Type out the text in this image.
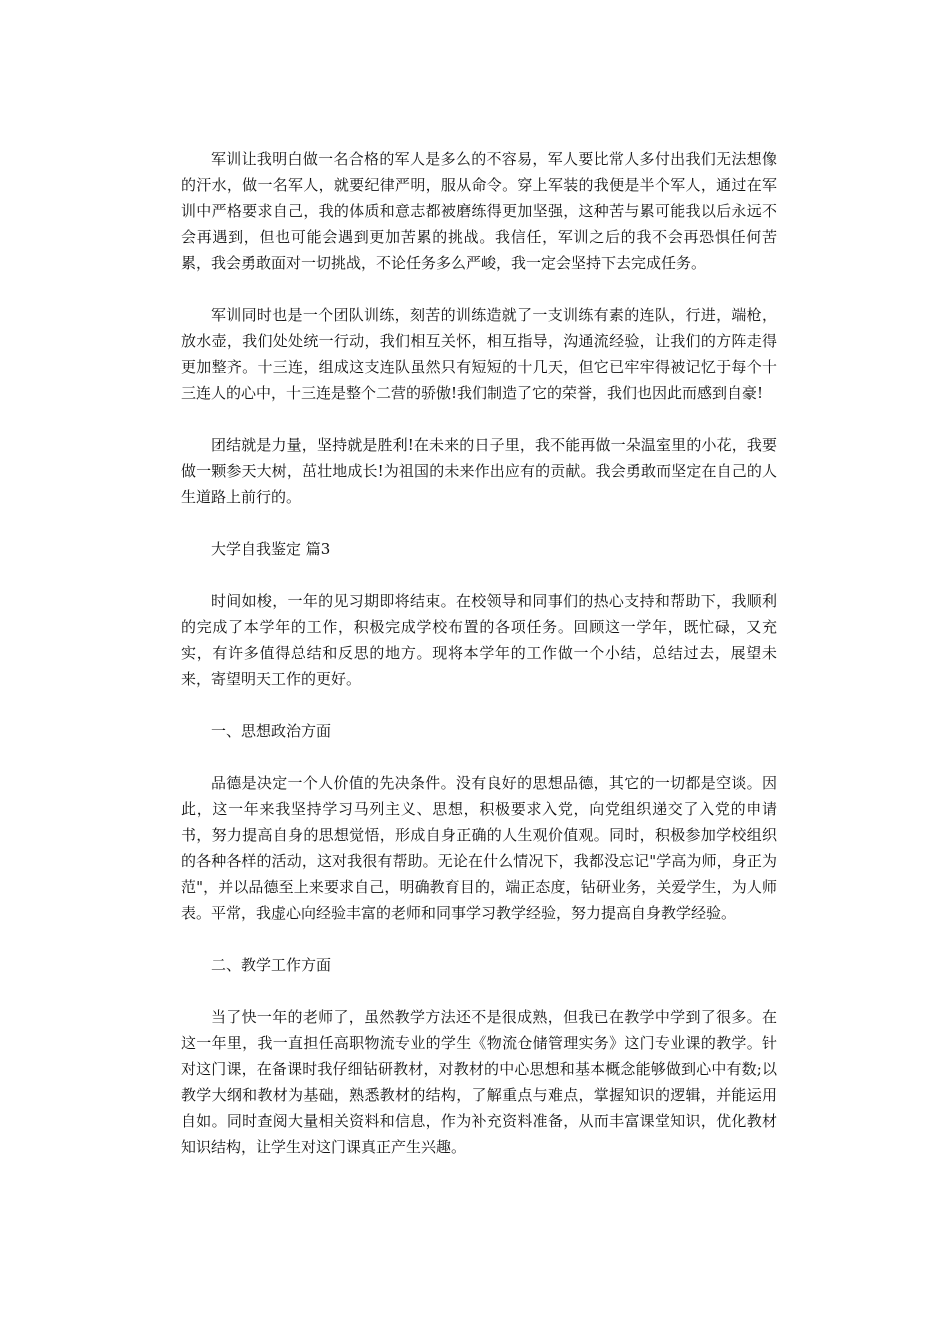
军训让我明白做一名合格的军人是多么的不容易，军人要比常人多付出我们无法想像的汗水，做一名军人，就要纪律严明，服从命令。穿上军装的我便是半个军人，通过在军训中严格要求自己，我的体质和意志都被磨练得更加坚强，这种苦与累可能我以后永远不会再遇到，但也可能会遇到更加苦累的挑战。我信任，军训之后的我不会再恐惧任何苦累，我会勇敢面对一切挑战，不论任务多么严峻，我一定会坚持下去完成任务。

军训同时也是一个团队训练，刻苦的训练造就了一支训练有素的连队，行进，端枪，放水壶，我们处处统一行动，我们相互关怀，相互指导，沟通流经验，让我们的方阵走得更加整齐。十三连，组成这支连队虽然只有短短的十几天，但它已牢牢得被记忆于每个十三连人的心中，十三连是整个二营的骄傲!我们制造了它的荣誉，我们也因此而感到自豪!

团结就是力量，坚持就是胜利!在未来的日子里，我不能再做一朵温室里的小花，我要做一颗参天大树，茁壮地成长!为祖国的未来作出应有的贡献。我会勇敢而坚定在自己的人生道路上前行的。

大学自我鉴定 篇3

时间如梭，一年的见习期即将结束。在校领导和同事们的热心支持和帮助下，我顺利的完成了本学年的工作，积极完成学校布置的各项任务。回顾这一学年，既忙碌，又充实，有许多值得总结和反思的地方。现将本学年的工作做一个小结，总结过去，展望未来，寄望明天工作的更好。

一、思想政治方面

品德是决定一个人价值的先决条件。没有良好的思想品德，其它的一切都是空谈。因此，这一年来我坚持学习马列主义、思想，积极要求入党，向党组织递交了入党的申请书，努力提高自身的思想觉悟，形成自身正确的人生观价值观。同时，积极参加学校组织的各种各样的活动，这对我很有帮助。无论在什么情况下，我都没忘记"学高为师，身正为范"，并以品德至上来要求自己，明确教育目的，端正态度，钻研业务，关爱学生，为人师表。平常，我虚心向经验丰富的老师和同事学习教学经验，努力提高自身教学经验。

二、教学工作方面

当了快一年的老师了，虽然教学方法还不是很成熟，但我已在教学中学到了很多。在这一年里，我一直担任高职物流专业的学生《物流仓储管理实务》这门专业课的教学。针对这门课，在备课时我仔细钻研教材，对教材的中心思想和基本概念能够做到心中有数;以教学大纲和教材为基础，熟悉教材的结构，了解重点与难点，掌握知识的逻辑，并能运用自如。同时查阅大量相关资料和信息，作为补充资料准备，从而丰富课堂知识，优化教材知识结构，让学生对这门课真正产生兴趣。
